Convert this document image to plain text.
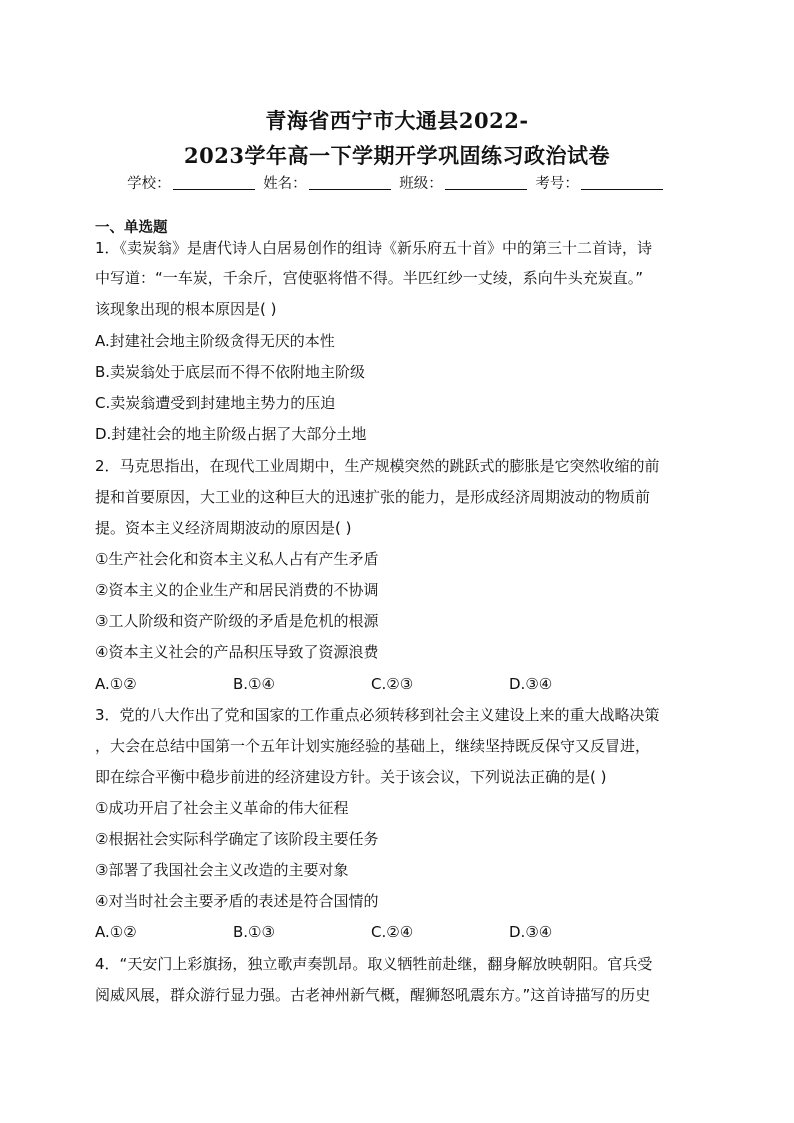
青海省西宁市大通县2022-
2023学年高一下学期开学巩固练习政治试卷
学校：	姓名：	班级：	考号：
一、单选题
1．《卖炭翁》是唐代诗人白居易创作的组诗《新乐府五十首》中的第三十二首诗，诗
中写道：“一车炭，千余斤，宫使驱将惜不得。半匹红纱一丈绫，系向牛头充炭直。”
该现象出现的根本原因是( )
A.封建社会地主阶级贪得无厌的本性
B.卖炭翁处于底层而不得不依附地主阶级
C.卖炭翁遭受到封建地主势力的压迫
D.封建社会的地主阶级占据了大部分土地
2．马克思指出，在现代工业周期中，生产规模突然的跳跃式的膨胀是它突然收缩的前
提和首要原因，大工业的这种巨大的迅速扩张的能力，是形成经济周期波动的物质前
提。资本主义经济周期波动的原因是( )
①生产社会化和资本主义私人占有产生矛盾
②资本主义的企业生产和居民消费的不协调
③工人阶级和资产阶级的矛盾是危机的根源
④资本主义社会的产品积压导致了资源浪费
A.①②	B.①④	C.②③	D.③④
3．党的八大作出了党和国家的工作重点必须转移到社会主义建设上来的重大战略决策
，大会在总结中国第一个五年计划实施经验的基础上，继续坚持既反保守又反冒进，
即在综合平衡中稳步前进的经济建设方针。关于该会议，下列说法正确的是( )
①成功开启了社会主义革命的伟大征程
②根据社会实际科学确定了该阶段主要任务
③部署了我国社会主义改造的主要对象
④对当时社会主要矛盾的表述是符合国情的
A.①②	B.①③	C.②④	D.③④
4．“天安门上彩旗扬，独立歌声奏凯昂。取义牺牲前赴继，翻身解放映朝阳。官兵受
阅威风展，群众游行显力强。古老神州新气概，醒狮怒吼震东方。”这首诗描写的历史
